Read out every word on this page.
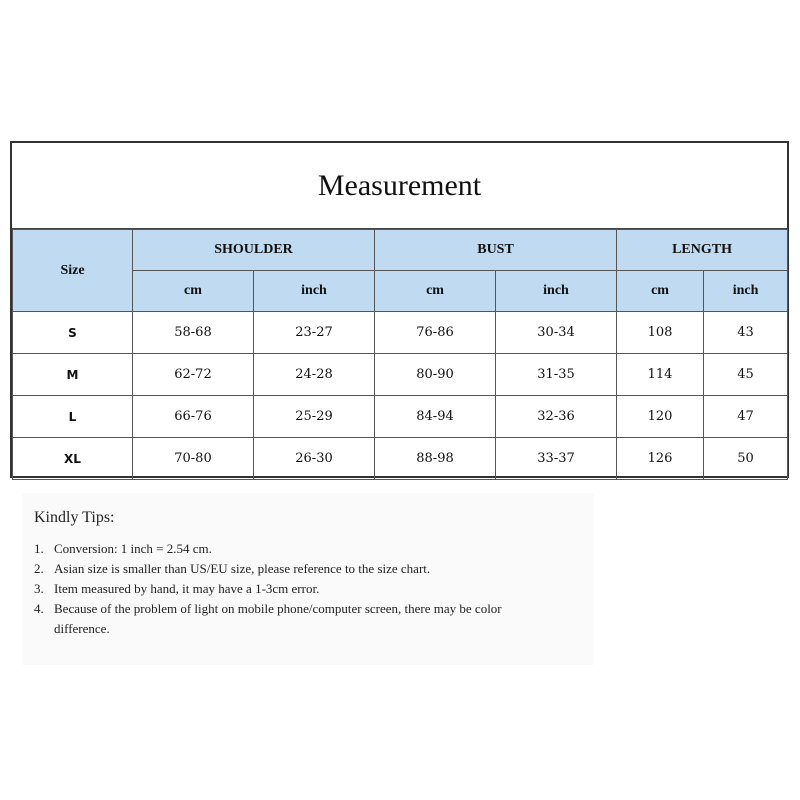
Measurement
Size	SHOULDER		BUST		LENGTH	
	cm	inch	cm	inch	cm	inch
S	58-68	23-27	76-86	30-34	108	43
M	62-72	24-28	80-90	31-35	114	45
L	66-76	25-29	84-94	32-36	120	47
XL	70-80	26-30	88-98	33-37	126	50
Kindly Tips:
1. Conversion: 1 inch = 2.54 cm.
2. Asian size is smaller than US/EU size, please reference to the size chart.
3. Item measured by hand, it may have a 1-3cm error.
4. Because of the problem of light on mobile phone/computer screen, there may be color difference.
